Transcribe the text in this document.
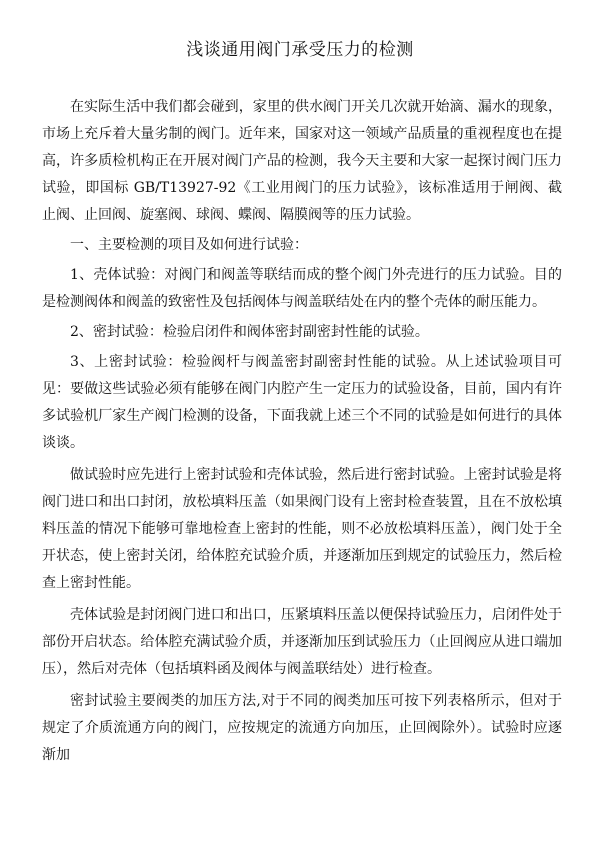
浅谈通用阀门承受压力的检测

在实际生活中我们都会碰到，家里的供水阀门开关几次就开始滴、漏水的现象，市场上充斥着大量劣制的阀门。近年来，国家对这一领域产品质量的重视程度也在提高，许多质检机构正在开展对阀门产品的检测，我今天主要和大家一起探讨阀门压力试验，即国标 GB/T13927-92《工业用阀门的压力试验》，该标准适用于闸阀、截止阀、止回阀、旋塞阀、球阀、蝶阀、隔膜阀等的压力试验。

一、主要检测的项目及如何进行试验：

1、壳体试验：对阀门和阀盖等联结而成的整个阀门外壳进行的压力试验。目的是检测阀体和阀盖的致密性及包括阀体与阀盖联结处在内的整个壳体的耐压能力。

2、密封试验：检验启闭件和阀体密封副密封性能的试验。

3、上密封试验：检验阀杆与阀盖密封副密封性能的试验。从上述试验项目可见：要做这些试验必须有能够在阀门内腔产生一定压力的试验设备，目前，国内有许多试验机厂家生产阀门检测的设备，下面我就上述三个不同的试验是如何进行的具体谈谈。

做试验时应先进行上密封试验和壳体试验，然后进行密封试验。上密封试验是将阀门进口和出口封闭，放松填料压盖（如果阀门设有上密封检查装置，且在不放松填料压盖的情况下能够可靠地检查上密封的性能，则不必放松填料压盖），阀门处于全开状态，使上密封关闭，给体腔充试验介质，并逐渐加压到规定的试验压力，然后检查上密封性能。

壳体试验是封闭阀门进口和出口，压紧填料压盖以便保持试验压力，启闭件处于部份开启状态。给体腔充满试验介质，并逐渐加压到试验压力（止回阀应从进口端加压），然后对壳体（包括填料函及阀体与阀盖联结处）进行检查。

密封试验主要阀类的加压方法,对于不同的阀类加压可按下列表格所示，但对于规定了介质流通方向的阀门，应按规定的流通方向加压，止回阀除外）。试验时应逐渐加
